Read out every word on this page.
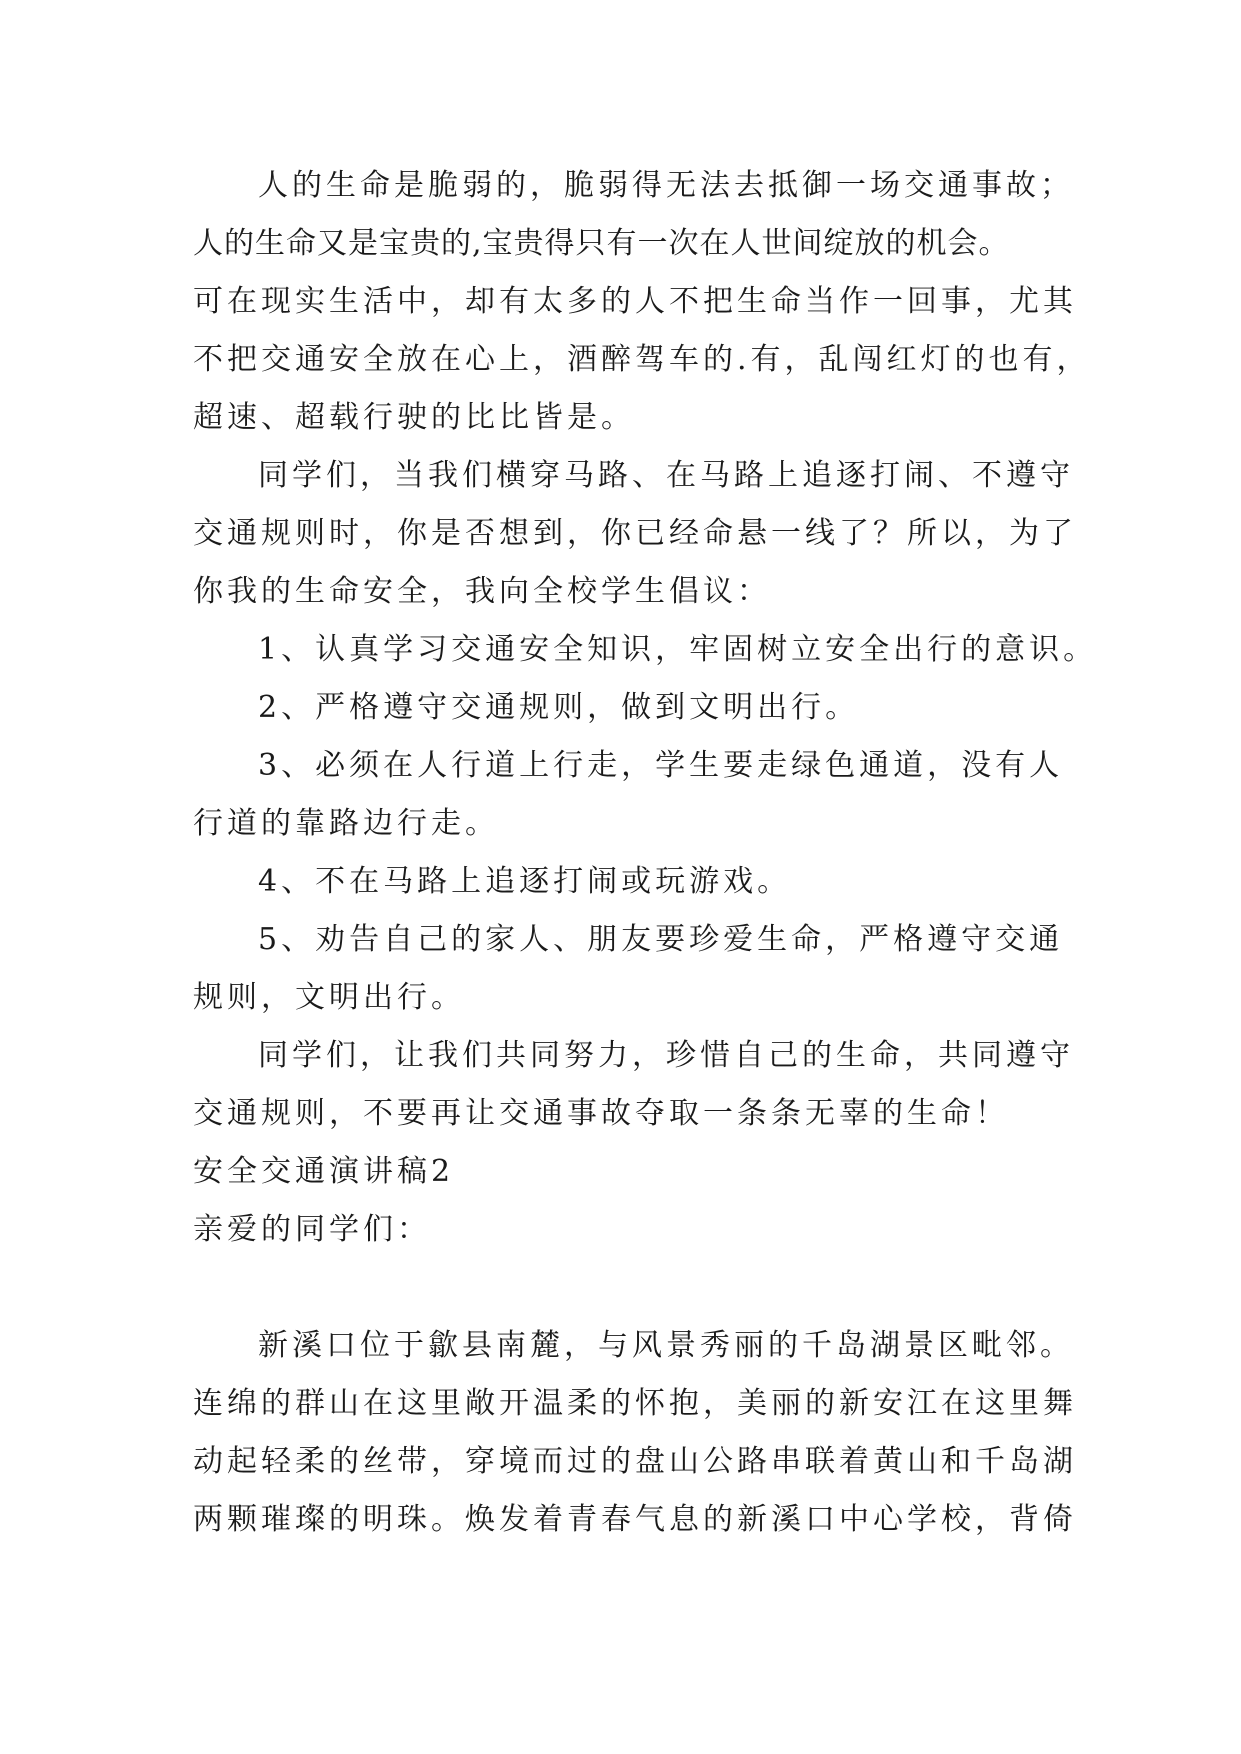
人的生命是脆弱的，脆弱得无法去抵御一场交通事故；

人的生命又是宝贵的,宝贵得只有一次在人世间绽放的机会。

可在现实生活中，却有太多的人不把生命当作一回事，尤其

不把交通安全放在心上，酒醉驾车的.有，乱闯红灯的也有，

超速、超载行驶的比比皆是。

同学们，当我们横穿马路、在马路上追逐打闹、不遵守

交通规则时，你是否想到，你已经命悬一线了？所以，为了

你我的生命安全，我向全校学生倡议：

1、认真学习交通安全知识，牢固树立安全出行的意识。

2、严格遵守交通规则，做到文明出行。

3、必须在人行道上行走，学生要走绿色通道，没有人

行道的靠路边行走。

4、不在马路上追逐打闹或玩游戏。

5、劝告自己的家人、朋友要珍爱生命，严格遵守交通

规则，文明出行。

同学们，让我们共同努力，珍惜自己的生命，共同遵守

交通规则，不要再让交通事故夺取一条条无辜的生命！

安全交通演讲稿2

亲爱的同学们：

新溪口位于歙县南麓，与风景秀丽的千岛湖景区毗邻。

连绵的群山在这里敞开温柔的怀抱，美丽的新安江在这里舞

动起轻柔的丝带，穿境而过的盘山公路串联着黄山和千岛湖

两颗璀璨的明珠。焕发着青春气息的新溪口中心学校，背倚
